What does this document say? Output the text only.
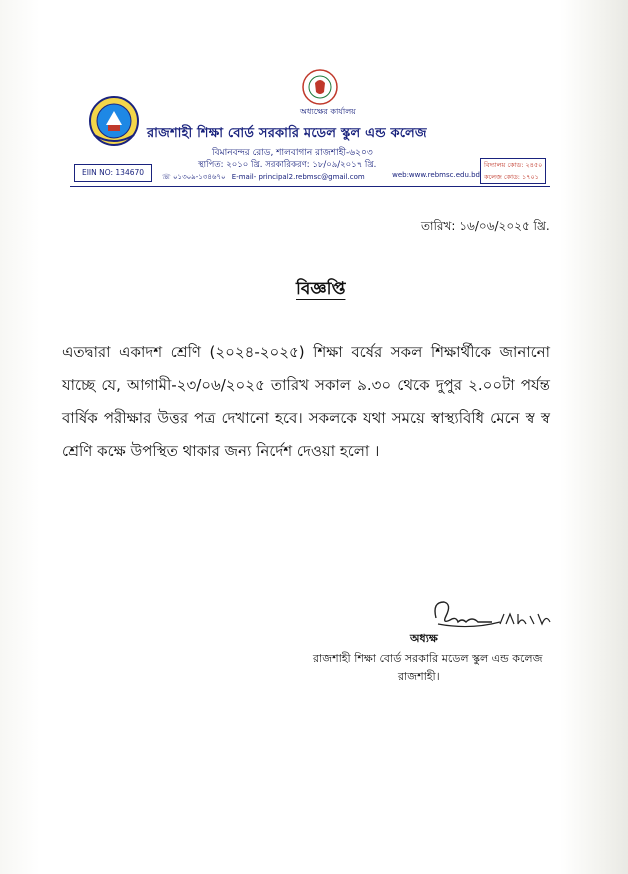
অধ্যক্ষের কার্যালয়
রাজশাহী শিক্ষা বোর্ড সরকারি মডেল স্কুল এন্ড কলেজ
বিমানবন্দর রোড, শালবাগান রাজশাহী-৬২০৩
স্থাপিত: ২০১০ খ্রি. সরকারিকরণ: ১৮/০৯/২০১৭ খ্রি.
EIIN NO: 134670	☏ ০১৩০৯-১৩৪৬৭০ E-mail- principal2.rebmsc@gmail.com	web:www.rebmsc.edu.bd
বিদ্যালয় কোড: ২৪৫০
কলেজ কোড: ১৭০১
তারিখ: ১৬/০৬/২০২৫ খ্রি.
বিজ্ঞপ্তি
এতদ্বারা একাদশ শ্রেণি (২০২৪-২০২৫) শিক্ষা বর্ষের সকল শিক্ষার্থীকে জানানো যাচ্ছে যে, আগামী-২৩/০৬/২০২৫ তারিখ সকাল ৯.৩০ থেকে দুপুর ২.০০টা পর্যন্ত বার্ষিক পরীক্ষার উত্তর পত্র দেখানো হবে। সকলকে যথা সময়ে স্বাস্থ্যবিধি মেনে স্ব স্ব শ্রেণি কক্ষে উপস্থিত থাকার জন্য নির্দেশ দেওয়া হলো ।
অধ্যক্ষ
রাজশাহী শিক্ষা বোর্ড সরকারি মডেল স্কুল এন্ড কলেজ
রাজশাহী।
